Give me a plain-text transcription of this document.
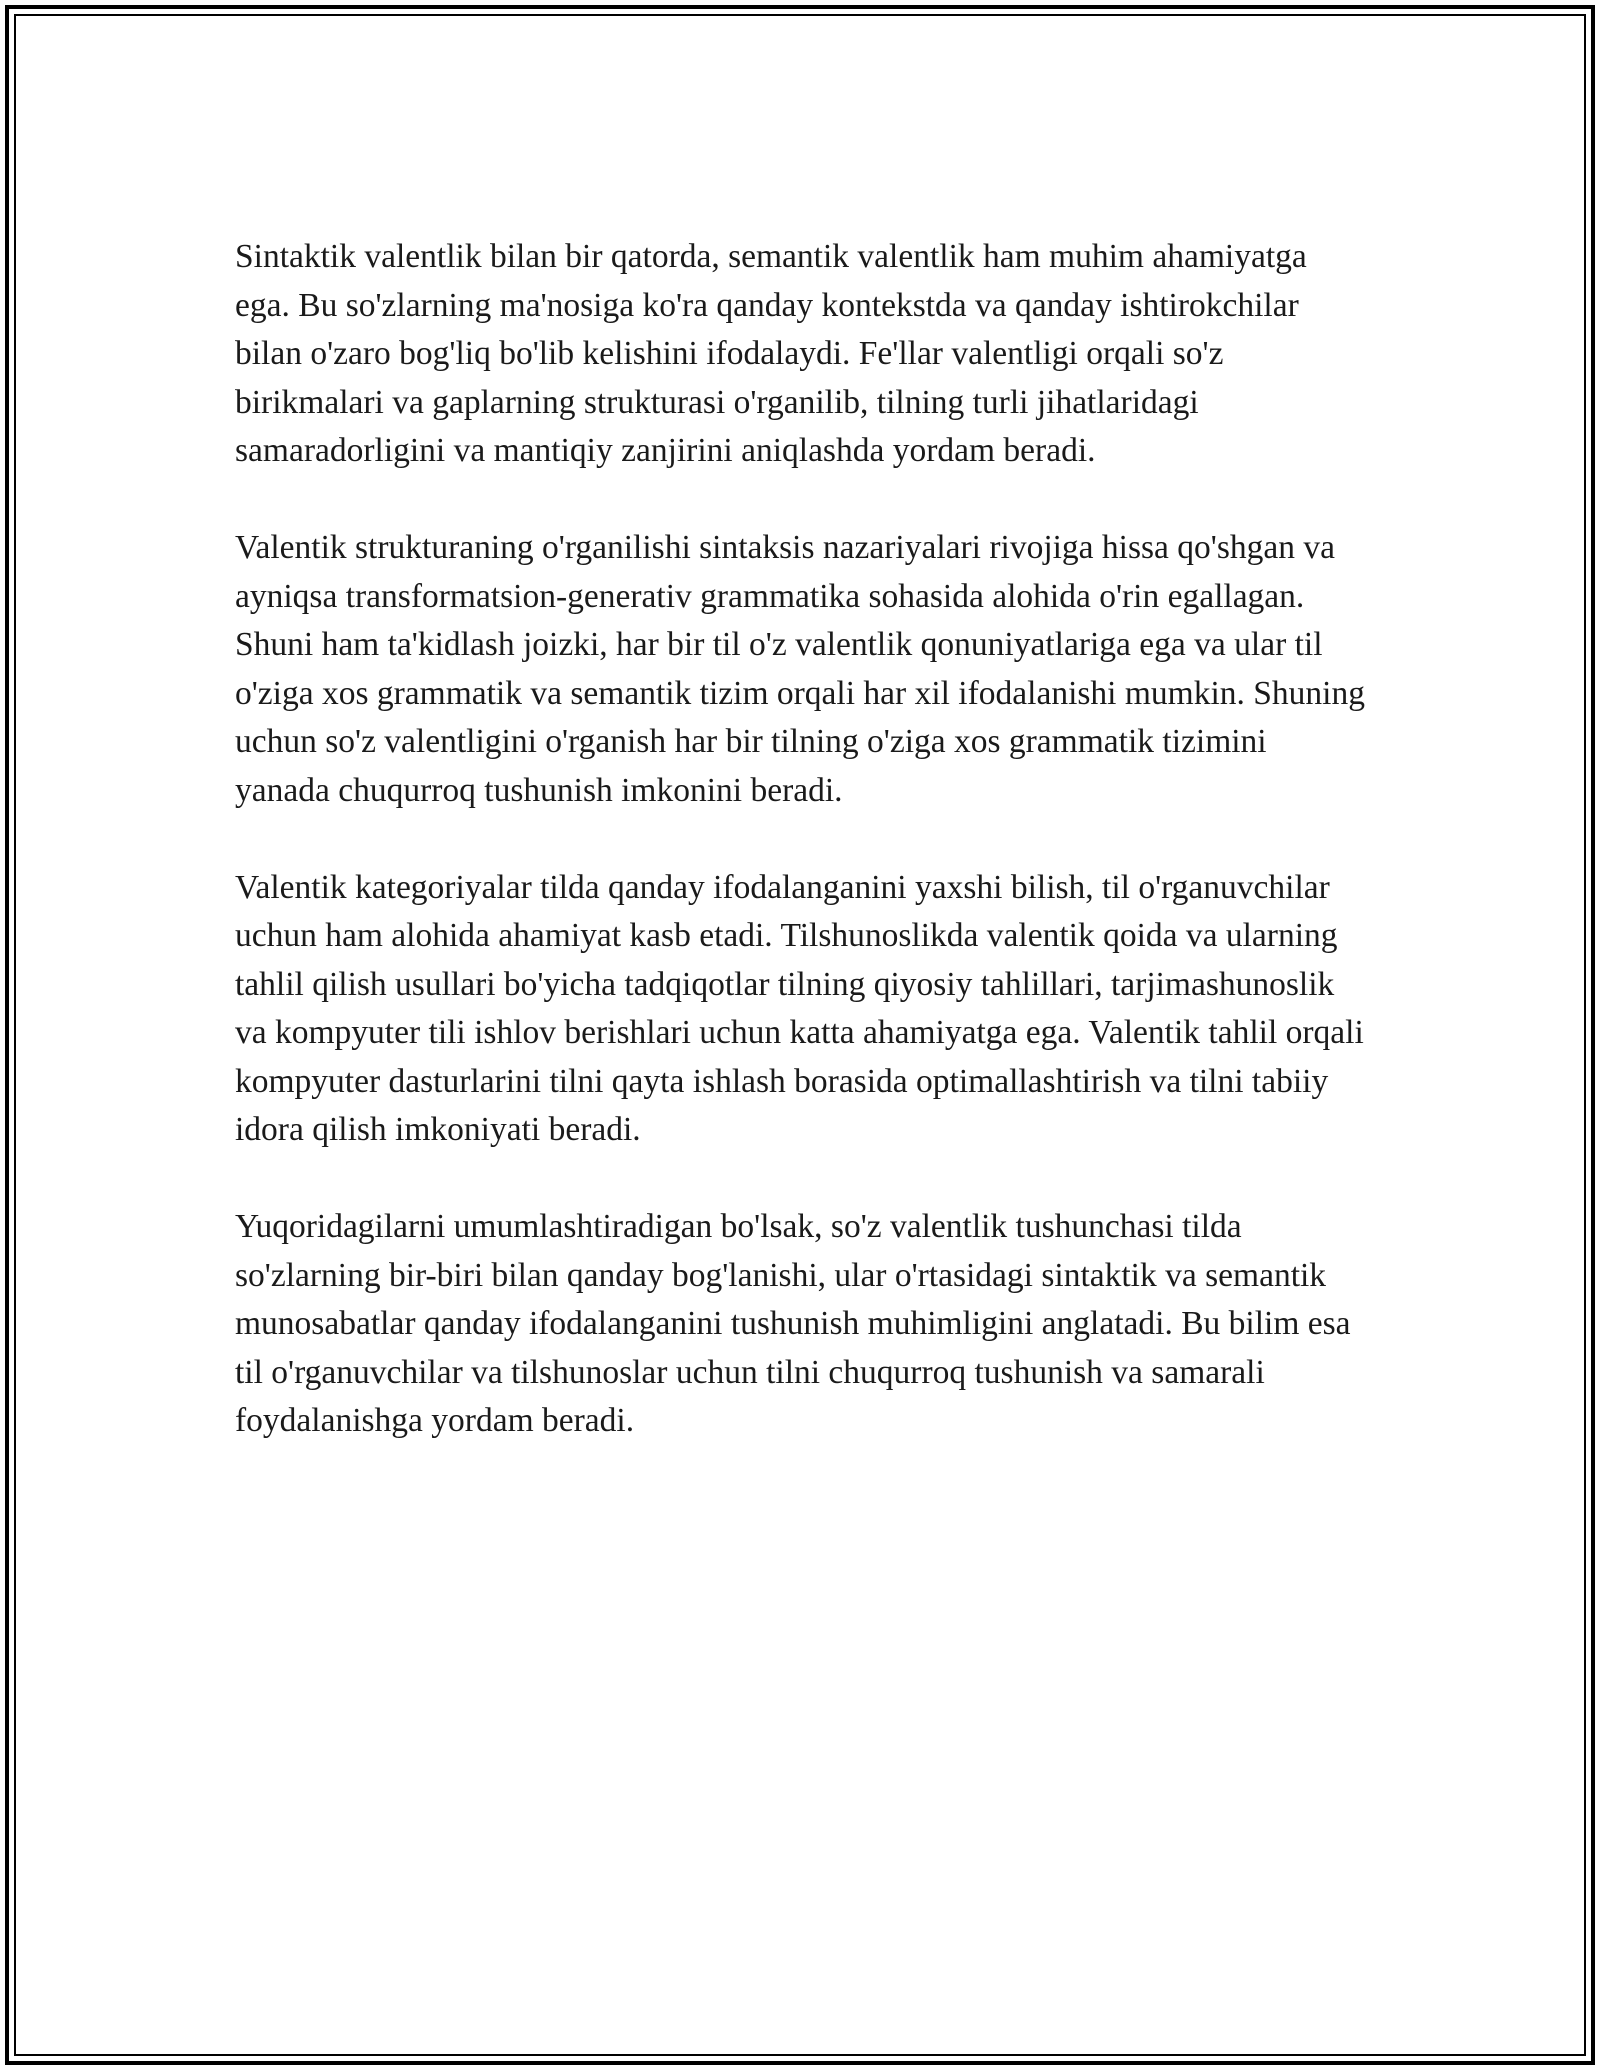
Sintaktik valentlik bilan bir qatorda, semantik valentlik ham muhim ahamiyatga ega. Bu so'zlarning ma'nosiga ko'ra qanday kontekstda va qanday ishtirokchilar bilan o'zaro bog'liq bo'lib kelishini ifodalaydi. Fe'llar valentligi orqali so'z birikmalari va gaplarning strukturasi o'rganilib, tilning turli jihatlaridagi samaradorligini va mantiqiy zanjirini aniqlashda yordam beradi.

Valentik strukturaning o'rganilishi sintaksis nazariyalari rivojiga hissa qo'shgan va ayniqsa transformatsion-generativ grammatika sohasida alohida o'rin egallagan. Shuni ham ta'kidlash joizki, har bir til o'z valentlik qonuniyatlariga ega va ular til o'ziga xos grammatik va semantik tizim orqali har xil ifodalanishi mumkin. Shuning uchun so'z valentligini o'rganish har bir tilning o'ziga xos grammatik tizimini yanada chuqurroq tushunish imkonini beradi.

Valentik kategoriyalar tilda qanday ifodalanganini yaxshi bilish, til o'rganuvchilar uchun ham alohida ahamiyat kasb etadi. Tilshunoslikda valentik qoida va ularning tahlil qilish usullari bo'yicha tadqiqotlar tilning qiyosiy tahlillari, tarjimashunoslik va kompyuter tili ishlov berishlari uchun katta ahamiyatga ega. Valentik tahlil orqali kompyuter dasturlarini tilni qayta ishlash borasida optimallashtirish va tilni tabiiy idora qilish imkoniyati beradi.

Yuqoridagilarni umumlashtiradigan bo'lsak, so'z valentlik tushunchasi tilda so'zlarning bir-biri bilan qanday bog'lanishi, ular o'rtasidagi sintaktik va semantik munosabatlar qanday ifodalanganini tushunish muhimligini anglatadi. Bu bilim esa til o'rganuvchilar va tilshunoslar uchun tilni chuqurroq tushunish va samarali foydalanishga yordam beradi.
